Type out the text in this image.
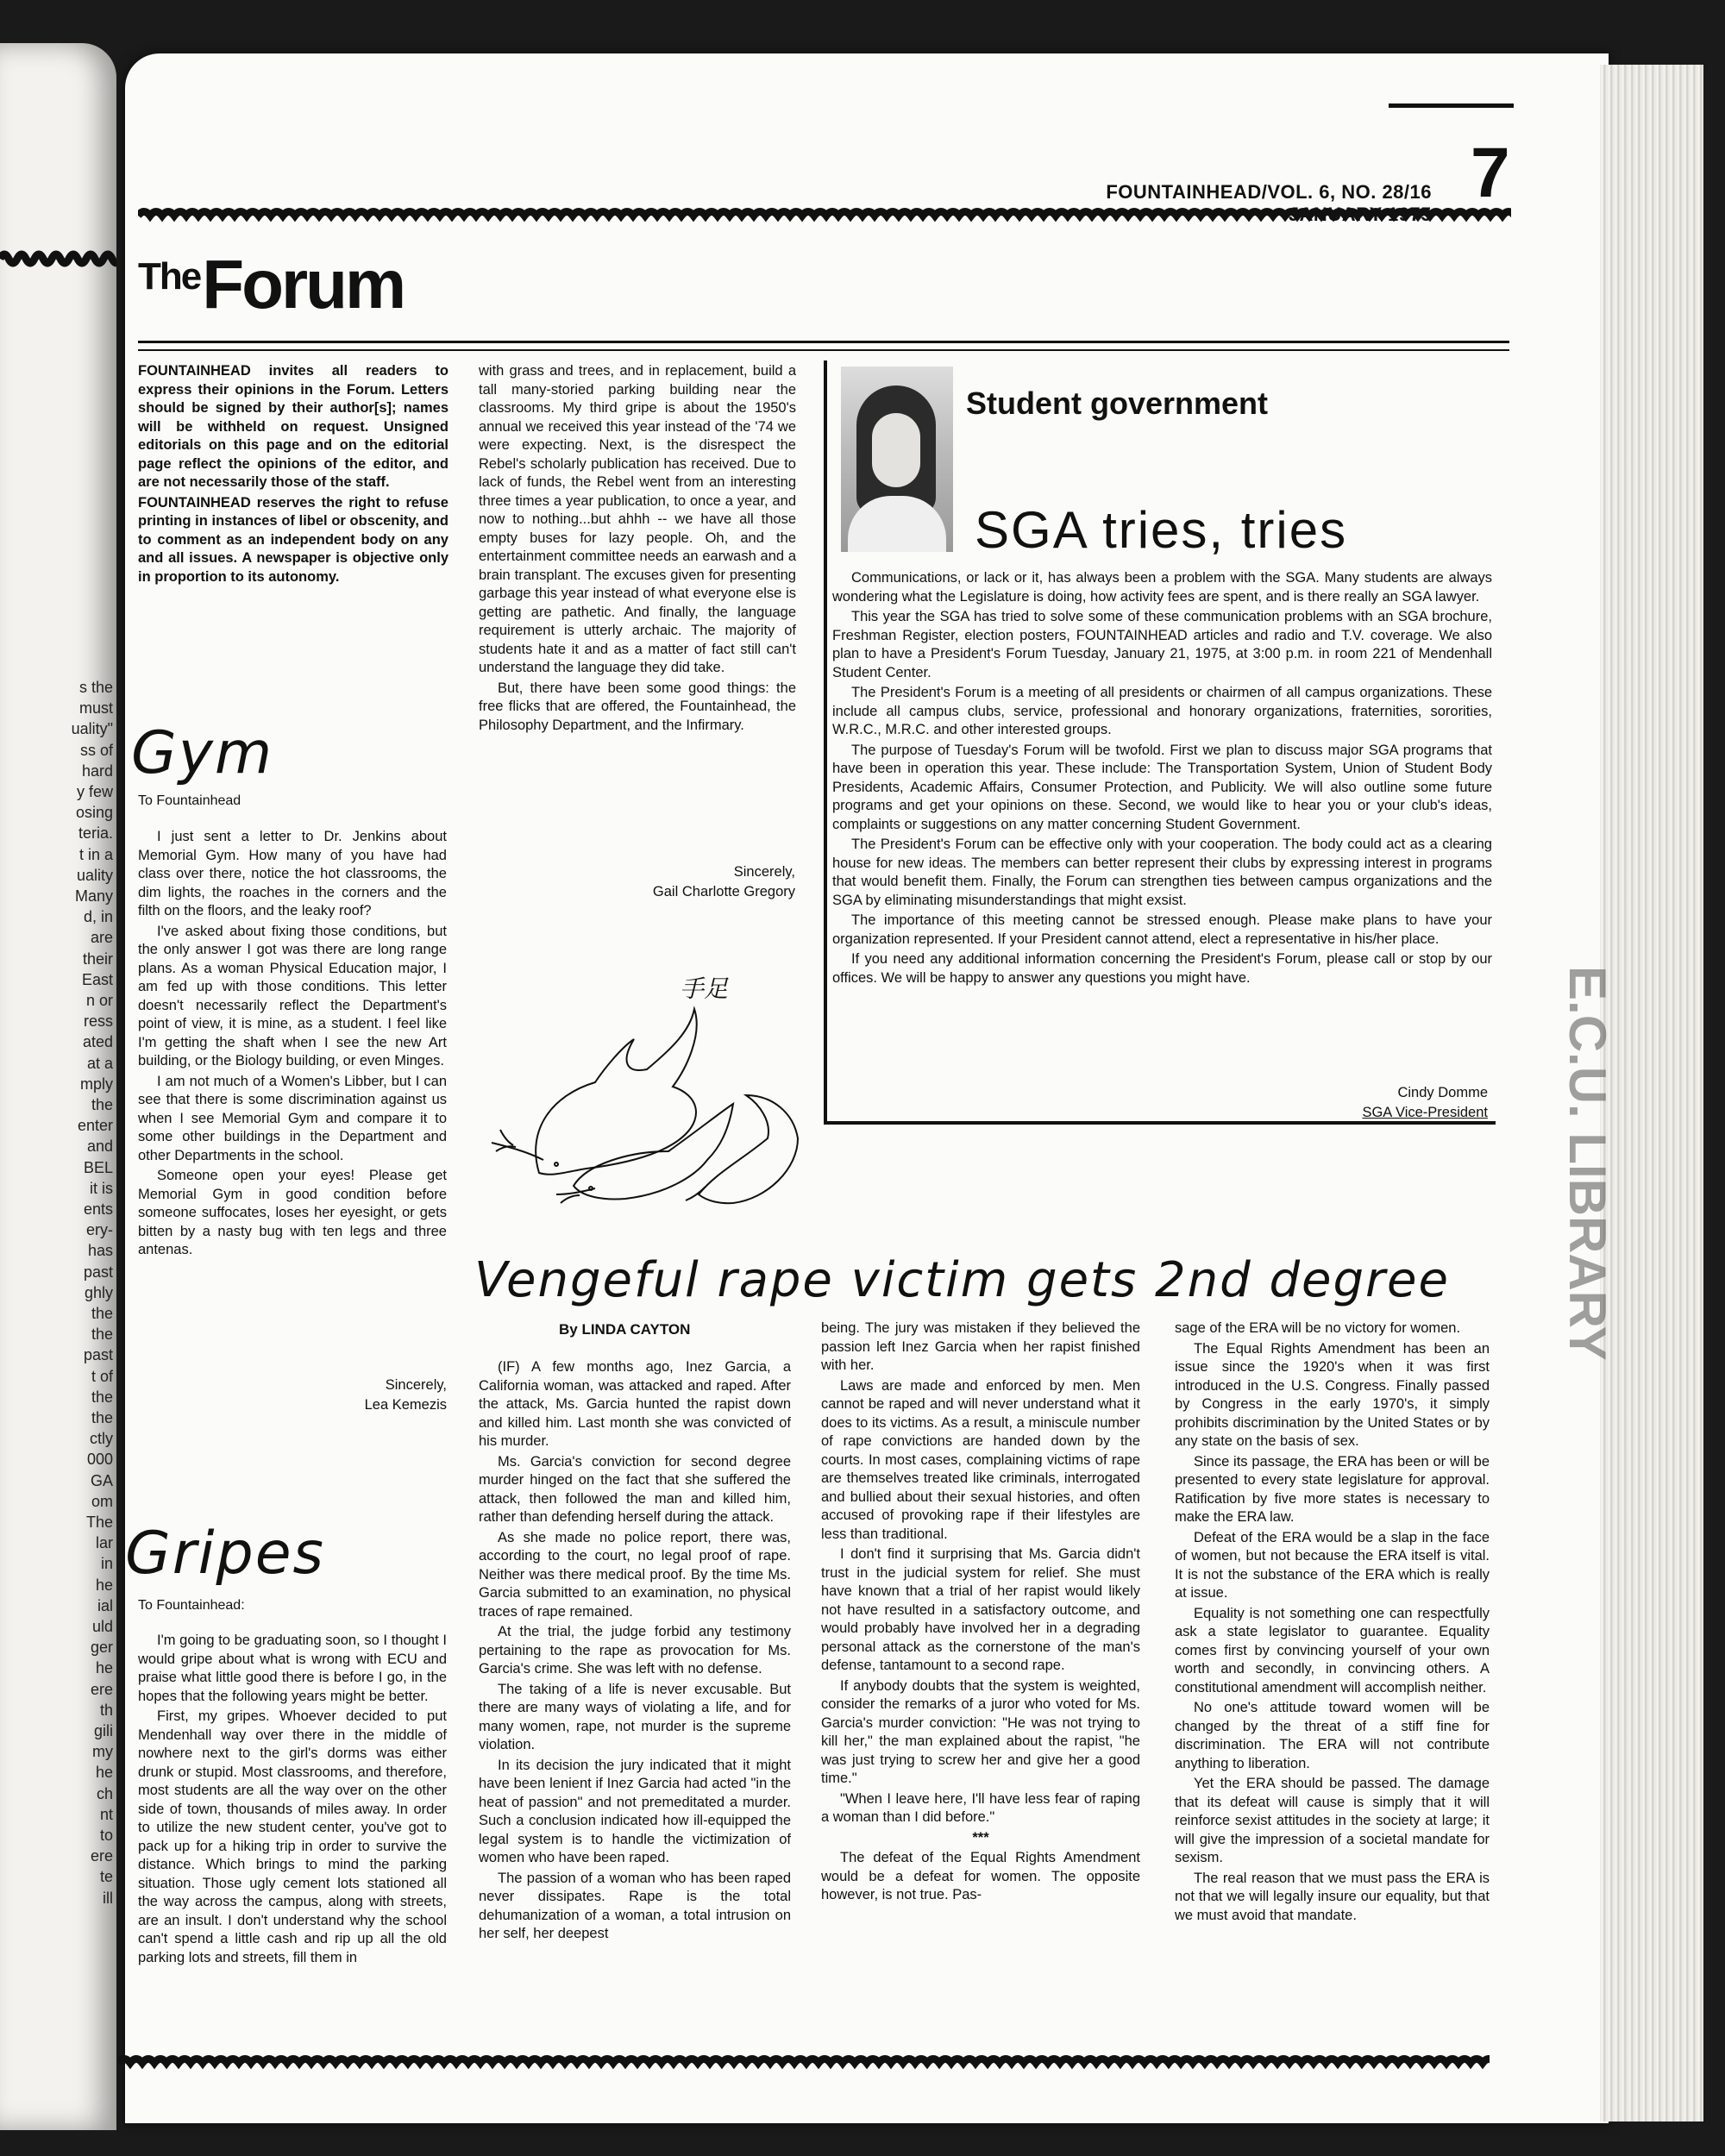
s the

must

uality"

ss of

hard

y few

osing

teria.

t in a

uality

Many

d, in

are

their

East

n or

ress

ated

at a

mply

the

enter

and

BEL

it is

ents

ery-

has

past

ghly

the

the

past

t of

the

the

ctly

000

GA

om

The

lar

in

he

ial

uld

ger

he

ere

th

gili

my

he

ch

nt

to

ere

te

ill

E.C.U. LIBRARY
FOUNTAINHEAD/VOL. 6, NO. 28/16 JANUARY 1975
7
$^{The}$Forum

FOUNTAINHEAD invites all readers to express their opinions in the Forum. Letters should be signed by their author[s]; names will be withheld on request. Unsigned editorials on this page and on the editorial page reflect the opinions of the editor, and are not necessarily those of the staff.

FOUNTAINHEAD reserves the right to refuse printing in instances of libel or obscenity, and to comment as an independent body on any and all issues. A newspaper is objective only in proportion to its autonomy.

Gym
To Fountainhead

I just sent a letter to Dr. Jenkins about Memorial Gym. How many of you have had class over there, notice the hot classrooms, the dim lights, the roaches in the corners and the filth on the floors, and the leaky roof?

I've asked about fixing those conditions, but the only answer I got was there are long range plans. As a woman Physical Education major, I am fed up with those conditions. This letter doesn't necessarily reflect the Department's point of view, it is mine, as a student. I feel like I'm getting the shaft when I see the new Art building, or the Biology building, or even Minges.

I am not much of a Women's Libber, but I can see that there is some discrimination against us when I see Memorial Gym and compare it to some other buildings in the Department and other Departments in the school.

Someone open your eyes! Please get Memorial Gym in good condition before someone suffocates, loses her eyesight, or gets bitten by a nasty bug with ten legs and three antenas.

Sincerely,
Lea Kemezis
Gripes
To Fountainhead:

I'm going to be graduating soon, so I thought I would gripe about what is wrong with ECU and praise what little good there is before I go, in the hopes that the following years might be better.

First, my gripes. Whoever decided to put Mendenhall way over there in the middle of nowhere next to the girl's dorms was either drunk or stupid. Most classrooms, and therefore, most students are all the way over on the other side of town, thousands of miles away. In order to utilize the new student center, you've got to pack up for a hiking trip in order to survive the distance. Which brings to mind the parking situation. Those ugly cement lots stationed all the way across the campus, along with streets, are an insult. I don't understand why the school can't spend a little cash and rip up all the old parking lots and streets, fill them in

with grass and trees, and in replacement, build a tall many-storied parking building near the classrooms. My third gripe is about the 1950's annual we received this year instead of the '74 we were expecting. Next, is the disrespect the Rebel's scholarly publication has received. Due to lack of funds, the Rebel went from an interesting three times a year publication, to once a year, and now to nothing...but ahhh -- we have all those empty buses for lazy people. Oh, and the entertainment committee needs an earwash and a brain transplant. The excuses given for presenting garbage this year instead of what everyone else is getting are pathetic. And finally, the language requirement is utterly archaic. The majority of students hate it and as a matter of fact still can't understand the language they did take.

But, there have been some good things: the free flicks that are offered, the Fountainhead, the Philosophy Department, and the Infirmary.

Sincerely,
Gail Charlotte Gregory
手足
Student government
SGA tries, tries

Communications, or lack or it, has always been a problem with the SGA. Many students are always wondering what the Legislature is doing, how activity fees are spent, and is there really an SGA lawyer.

This year the SGA has tried to solve some of these communication problems with an SGA brochure, Freshman Register, election posters, FOUNTAINHEAD articles and radio and T.V. coverage. We also plan to have a President's Forum Tuesday, January 21, 1975, at 3:00 p.m. in room 221 of Mendenhall Student Center.

The President's Forum is a meeting of all presidents or chairmen of all campus organizations. These include all campus clubs, service, professional and honorary organizations, fraternities, sororities, W.R.C., M.R.C. and other interested groups.

The purpose of Tuesday's Forum will be twofold. First we plan to discuss major SGA programs that have been in operation this year. These include: The Transportation System, Union of Student Body Presidents, Academic Affairs, Consumer Protection, and Publicity. We will also outline some future programs and get your opinions on these. Second, we would like to hear you or your club's ideas, complaints or suggestions on any matter concerning Student Government.

The President's Forum can be effective only with your cooperation. The body could act as a clearing house for new ideas. The members can better represent their clubs by expressing interest in programs that would benefit them. Finally, the Forum can strengthen ties between campus organizations and the SGA by eliminating misunderstandings that might exsist.

The importance of this meeting cannot be stressed enough. Please make plans to have your organization represented. If your President cannot attend, elect a representative in his/her place.

If you need any additional information concerning the President's Forum, please call or stop by our offices. We will be happy to answer any questions you might have.

Cindy Domme
SGA Vice-President
Vengeful rape victim gets 2nd degree
By LINDA CAYTON

(IF) A few months ago, Inez Garcia, a California woman, was attacked and raped. After the attack, Ms. Garcia hunted the rapist down and killed him. Last month she was convicted of his murder.

Ms. Garcia's conviction for second degree murder hinged on the fact that she suffered the attack, then followed the man and killed him, rather than defending herself during the attack.

As she made no police report, there was, according to the court, no legal proof of rape. Neither was there medical proof. By the time Ms. Garcia submitted to an examination, no physical traces of rape remained.

At the trial, the judge forbid any testimony pertaining to the rape as provocation for Ms. Garcia's crime. She was left with no defense.

The taking of a life is never excusable. But there are many ways of violating a life, and for many women, rape, not murder is the supreme violation.

In its decision the jury indicated that it might have been lenient if Inez Garcia had acted "in the heat of passion" and not premeditated a murder. Such a conclusion indicated how ill-equipped the legal system is to handle the victimization of women who have been raped.

The passion of a woman who has been raped never dissipates. Rape is the total dehumanization of a woman, a total intrusion on her self, her deepest

being. The jury was mistaken if they believed the passion left Inez Garcia when her rapist finished with her.

Laws are made and enforced by men. Men cannot be raped and will never understand what it does to its victims. As a result, a miniscule number of rape convictions are handed down by the courts. In most cases, complaining victims of rape are themselves treated like criminals, interrogated and bullied about their sexual histories, and often accused of provoking rape if their lifestyles are less than traditional.

I don't find it surprising that Ms. Garcia didn't trust in the judicial system for relief. She must have known that a trial of her rapist would likely not have resulted in a satisfactory outcome, and would probably have involved her in a degrading personal attack as the cornerstone of the man's defense, tantamount to a second rape.

If anybody doubts that the system is weighted, consider the remarks of a juror who voted for Ms. Garcia's murder conviction: "He was not trying to kill her," the man explained about the rapist, "he was just trying to screw her and give her a good time."

"When I leave here, I'll have less fear of raping a woman than I did before."

***

The defeat of the Equal Rights Amendment would be a defeat for women. The opposite however, is not true. Pas-

sage of the ERA will be no victory for women.

The Equal Rights Amendment has been an issue since the 1920's when it was first introduced in the U.S. Congress. Finally passed by Congress in the early 1970's, it simply prohibits discrimination by the United States or by any state on the basis of sex.

Since its passage, the ERA has been or will be presented to every state legislature for approval. Ratification by five more states is necessary to make the ERA law.

Defeat of the ERA would be a slap in the face of women, but not because the ERA itself is vital. It is not the substance of the ERA which is really at issue.

Equality is not something one can respectfully ask a state legislator to guarantee. Equality comes first by convincing yourself of your own worth and secondly, in convincing others. A constitutional amendment will accomplish neither.

No one's attitude toward women will be changed by the threat of a stiff fine for discrimination. The ERA will not contribute anything to liberation.

Yet the ERA should be passed. The damage that its defeat will cause is simply that it will reinforce sexist attitudes in the society at large; it will give the impression of a societal mandate for sexism.

The real reason that we must pass the ERA is not that we will legally insure our equality, but that we must avoid that mandate.
